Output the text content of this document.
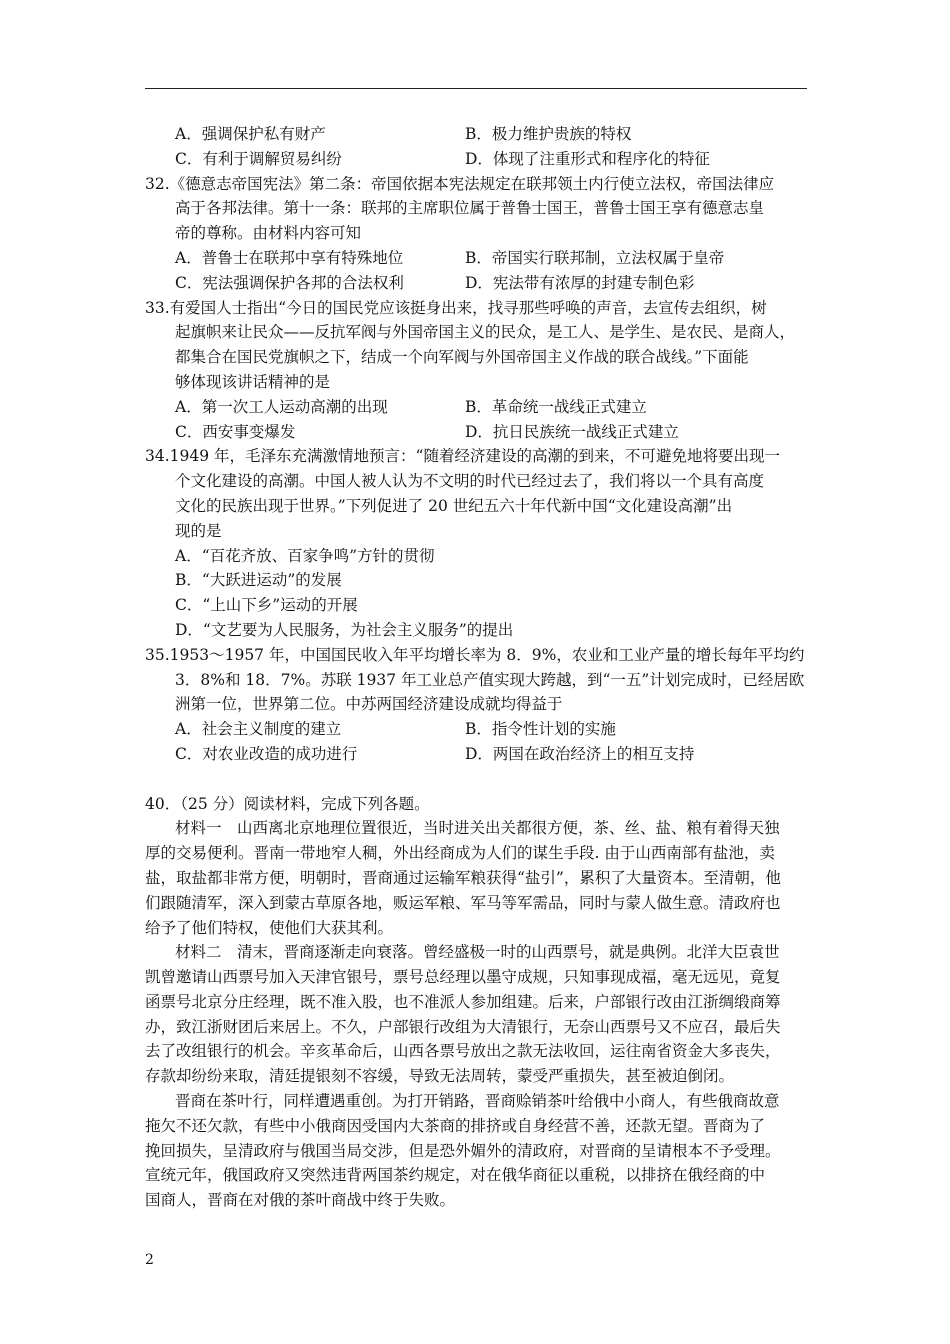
A．强调保护私有财产	B．极力维护贵族的特权
C．有利于调解贸易纠纷	D．体现了注重形式和程序化的特征
32.《德意志帝国宪法》第二条：帝国依据本宪法规定在联邦领土内行使立法权，帝国法律应
高于各邦法律。第十一条：联邦的主席职位属于普鲁士国王，普鲁士国王享有德意志皇
帝的尊称。由材料内容可知
A．普鲁士在联邦中享有特殊地位	B．帝国实行联邦制，立法权属于皇帝
C．宪法强调保护各邦的合法权利	D．宪法带有浓厚的封建专制色彩
33.有爱国人士指出“今日的国民党应该挺身出来，找寻那些呼唤的声音，去宣传去组织，树
起旗帜来让民众——反抗军阀与外国帝国主义的民众，是工人、是学生、是农民、是商人，
都集合在国民党旗帜之下，结成一个向军阀与外国帝国主义作战的联合战线。”下面能
够体现该讲话精神的是
A．第一次工人运动高潮的出现	B．革命统一战线正式建立
C．西安事变爆发	D．抗日民族统一战线正式建立
34.1949 年，毛泽东充满激情地预言：“随着经济建设的高潮的到来，不可避免地将要出现一
个文化建设的高潮。中国人被人认为不文明的时代已经过去了，我们将以一个具有高度
文化的民族出现于世界。”下列促进了 20 世纪五六十年代新中国“文化建设高潮”出
现的是
A．“百花齐放、百家争鸣”方针的贯彻
B．“大跃进运动”的发展
C．“上山下乡”运动的开展
D．“文艺要为人民服务，为社会主义服务”的提出
35.1953～1957 年，中国国民收入年平均增长率为 8．9%，农业和工业产量的增长每年平均约
3．8%和 18．7%。苏联 1937 年工业总产值实现大跨越，到“一五”计划完成时，已经居欧
洲第一位，世界第二位。中苏两国经济建设成就均得益于
A．社会主义制度的建立	B．指令性计划的实施
C．对农业改造的成功进行	D．两国在政治经济上的相互支持
40．（25 分）阅读材料，完成下列各题。
材料一　山西离北京地理位置很近，当时进关出关都很方便，茶、丝、盐、粮有着得天独
厚的交易便利。晋南一带地窄人稠，外出经商成为人们的谋生手段. 由于山西南部有盐池，卖
盐，取盐都非常方便，明朝时，晋商通过运输军粮获得“盐引”，累积了大量资本。至清朝，他
们跟随清军，深入到蒙古草原各地，贩运军粮、军马等军需品，同时与蒙人做生意。清政府也
给予了他们特权，使他们大获其利。
材料二　清末，晋商逐渐走向衰落。曾经盛极一时的山西票号，就是典例。北洋大臣袁世
凯曾邀请山西票号加入天津官银号，票号总经理以墨守成规，只知事现成福，毫无远见，竟复
函票号北京分庄经理，既不准入股，也不准派人参加组建。后来，户部银行改由江浙绸缎商筹
办，致江浙财团后来居上。不久，户部银行改组为大清银行，无奈山西票号又不应召，最后失
去了改组银行的机会。辛亥革命后，山西各票号放出之款无法收回，运往南省资金大多丧失，
存款却纷纷来取，清廷提银刻不容缓，导致无法周转，蒙受严重损失，甚至被迫倒闭。
晋商在茶叶行，同样遭遇重创。为打开销路，晋商赊销茶叶给俄中小商人，有些俄商故意
拖欠不还欠款，有些中小俄商因受国内大茶商的排挤或自身经营不善，还款无望。晋商为了
挽回损失，呈清政府与俄国当局交涉，但是恐外媚外的清政府，对晋商的呈请根本不予受理。
宣统元年，俄国政府又突然违背两国茶约规定，对在俄华商征以重税，以排挤在俄经商的中
国商人，晋商在对俄的茶叶商战中终于失败。
2
